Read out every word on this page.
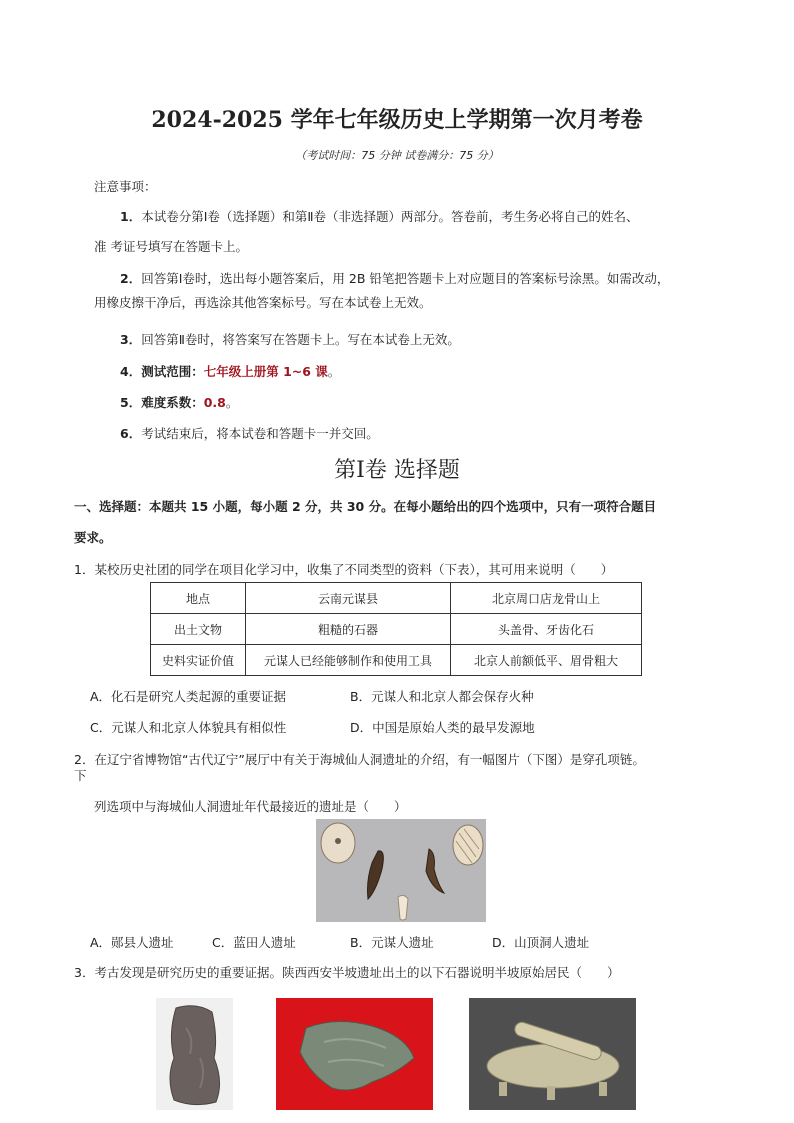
2024-2025 学年七年级历史上学期第一次月考卷
（考试时间：75 分钟 试卷满分：75 分）
注意事项：
1．本试卷分第Ⅰ卷（选择题）和第Ⅱ卷（非选择题）两部分。答卷前，考生务必将自己的姓名、
准 考证号填写在答题卡上。
2．回答第Ⅰ卷时，选出每小题答案后，用 2B 铅笔把答题卡上对应题目的答案标号涂黑。如需改动，
用橡皮擦干净后，再选涂其他答案标号。写在本试卷上无效。
3．回答第Ⅱ卷时，将答案写在答题卡上。写在本试卷上无效。
4．测试范围：七年级上册第 1~6 课。
5．难度系数：0.8。
6．考试结束后，将本试卷和答题卡一并交回。
第Ⅰ卷 选择题
一、选择题：本题共 15 小题，每小题 2 分，共 30 分。在每小题给出的四个选项中，只有一项符合题目
要求。
1．某校历史社团的同学在项目化学习中，收集了不同类型的资料（下表），其可用来说明（　　）
地点	云南元谋县	北京周口店龙骨山上
出土文物	粗糙的石器	头盖骨、牙齿化石
史料实证价值	元谋人已经能够制作和使用工具	北京人前额低平、眉骨粗大
A．化石是研究人类起源的重要证据	B．元谋人和北京人都会保存火种
C．元谋人和北京人体貌具有相似性	D．中国是原始人类的最早发源地
2．在辽宁省博物馆“古代辽宁”展厅中有关于海城仙人洞遗址的介绍，有一幅图片（下图）是穿孔项链。
下
列选项中与海城仙人洞遗址年代最接近的遗址是（　　）
A．郧县人遗址	C．蓝田人遗址	B．元谋人遗址	D．山顶洞人遗址
3．考古发现是研究历史的重要证据。陕西西安半坡遗址出土的以下石器说明半坡原始居民（　　）
